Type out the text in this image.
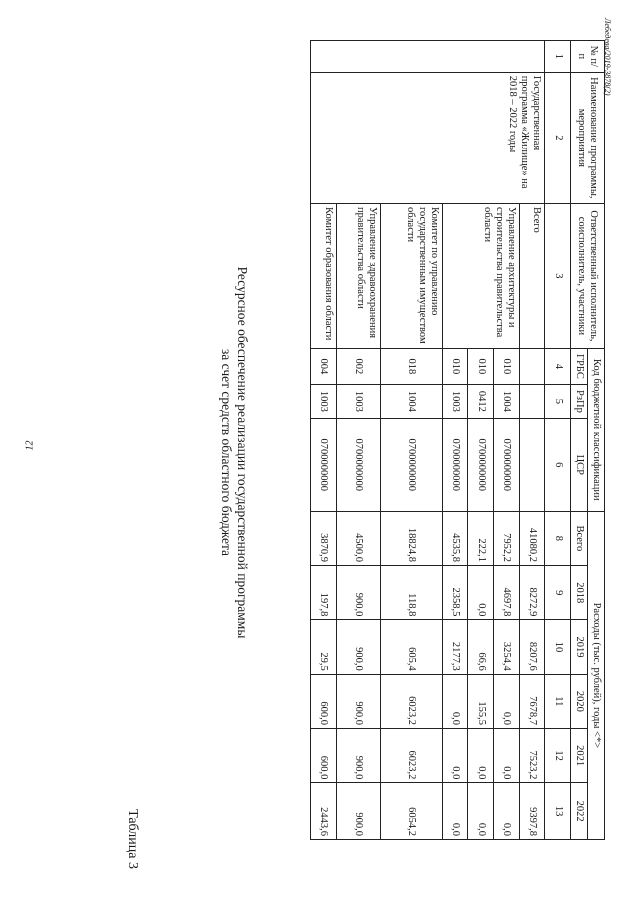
12
Таблица 3
Ресурсное обеспечение реализации государственной программы
за счет средств областного бюджета
Лебедева/2019-3878(2)
№ п/п	Наименование программы, мероприятия	Ответственный исполнитель, соисполнитель, участники	Код бюджетной классификации			Расходы (тыс. рублей), годы <*>					
			ГРБС	РзПр	ЦСР	Всего	2018	2019	2020	2021	2022
1	2	3	4	5	6	8	9	10	11	12	13
	Государственная программа «Жилище» на 2018 – 2022 годы	Всего				41080,2	8272,9	8207,6	7678,7	7523,2	9397,8
		Управление архитектуры и строительства правительства области	010	1004	0700000000	7952,2	4697,8	3254,4	0,0	0,0	0,0
			010	0412	0700000000	222,1	0,0	66,6	155,5	0,0	0,0
			010	1003	0700000000	4535,8	2358,5	2177,3	0,0	0,0	0,0
		Комитет по управлению государственным имуществом области	018	1004	0700000000	18824,8	118,8	605,4	6023,2	6023,2	6054,2
		Управление здравоохранения правительства области	002	1003	0700000000	4500,0	900,0	900,0	900,0	900,0	900,0
		Комитет образования области	004	1003	0700000000	3870,9	197,8	29,5	600,0	600,0	2443,6
